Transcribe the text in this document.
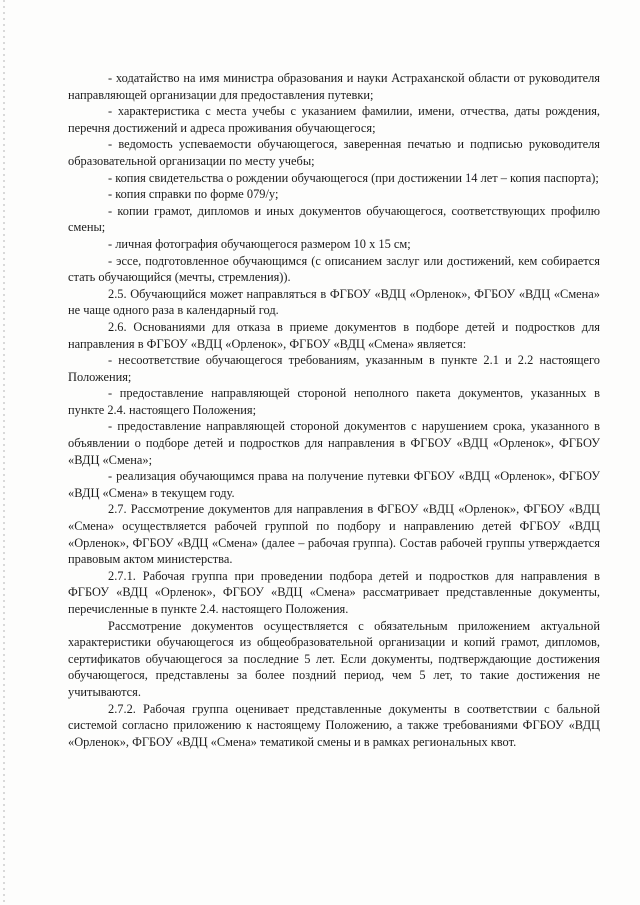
- ходатайство на имя министра образования и науки Астраханской области от руководителя направляющей организации для предоставления путевки;

- характеристика с места учебы с указанием фамилии, имени, отчества, даты рождения, перечня достижений и адреса проживания обучающегося;

- ведомость успеваемости обучающегося, заверенная печатью и подписью руководителя образовательной организации по месту учебы;

- копия свидетельства о рождении обучающегося (при достижении 14 лет – копия паспорта);

- копия справки по форме 079/у;

- копии грамот, дипломов и иных документов обучающегося, соответствующих профилю смены;

- личная фотография обучающегося размером 10 х 15 см;

- эссе, подготовленное обучающимся (с описанием заслуг или достижений, кем собирается стать обучающийся (мечты, стремления)).

2.5. Обучающийся может направляться в ФГБОУ «ВДЦ «Орленок», ФГБОУ «ВДЦ «Смена» не чаще одного раза в календарный год.

2.6. Основаниями для отказа в приеме документов в подборе детей и подростков для направления в ФГБОУ «ВДЦ «Орленок», ФГБОУ «ВДЦ «Смена» является:

- несоответствие обучающегося требованиям, указанным в пункте 2.1 и 2.2 настоящего Положения;

- предоставление направляющей стороной неполного пакета документов, указанных в пункте 2.4. настоящего Положения;

- предоставление направляющей стороной документов с нарушением срока, указанного в объявлении о подборе детей и подростков для направления в ФГБОУ «ВДЦ «Орленок», ФГБОУ «ВДЦ «Смена»;

- реализация обучающимся права на получение путевки ФГБОУ «ВДЦ «Орленок», ФГБОУ «ВДЦ «Смена» в текущем году.

2.7. Рассмотрение документов для направления в ФГБОУ «ВДЦ «Орленок», ФГБОУ «ВДЦ «Смена» осуществляется рабочей группой по подбору и направлению детей ФГБОУ «ВДЦ «Орленок», ФГБОУ «ВДЦ «Смена» (далее – рабочая группа). Состав рабочей группы утверждается правовым актом министерства.

2.7.1. Рабочая группа при проведении подбора детей и подростков для направления в ФГБОУ «ВДЦ «Орленок», ФГБОУ «ВДЦ «Смена» рассматривает представленные документы, перечисленные в пункте 2.4. настоящего Положения.

Рассмотрение документов осуществляется с обязательным приложением актуальной характеристики обучающегося из общеобразовательной организации и копий грамот, дипломов, сертификатов обучающегося за последние 5 лет. Если документы, подтверждающие достижения обучающегося, представлены за более поздний период, чем 5 лет, то такие достижения не учитываются.

2.7.2. Рабочая группа оценивает представленные документы в соответствии с бальной системой согласно приложению к настоящему Положению, а также требованиями ФГБОУ «ВДЦ «Орленок», ФГБОУ «ВДЦ «Смена» тематикой смены и в рамках региональных квот.
